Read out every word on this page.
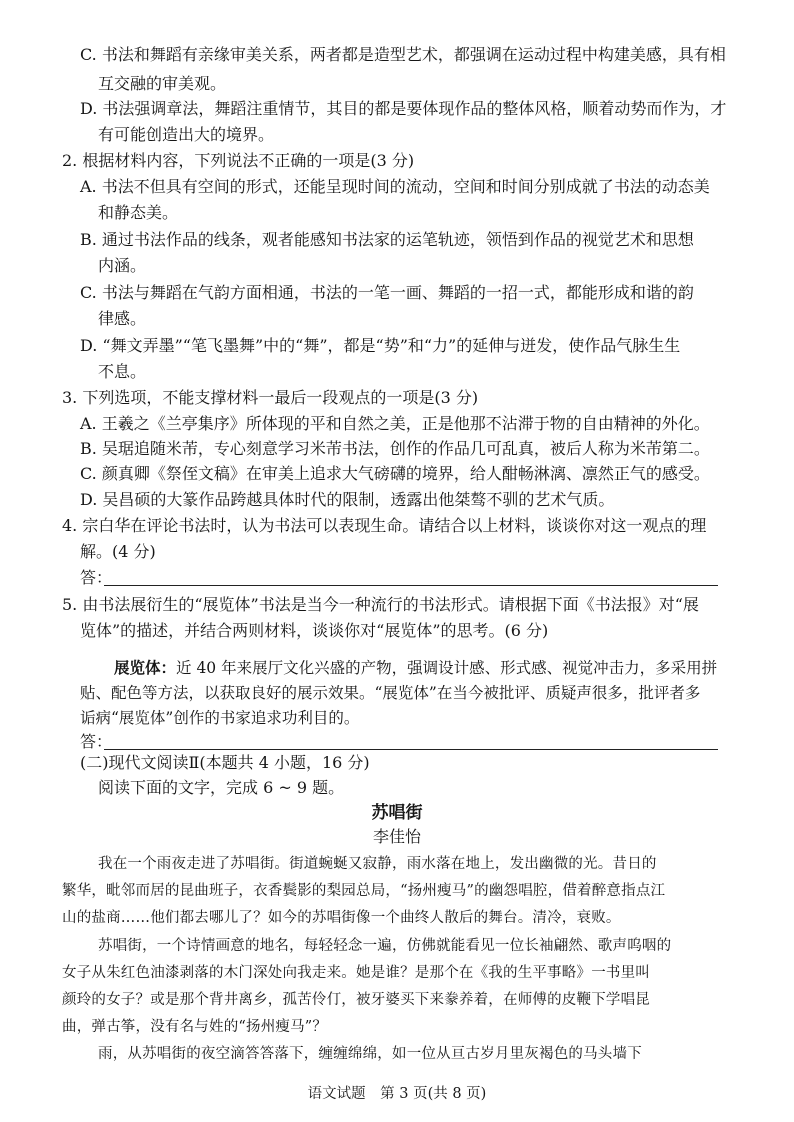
C. 书法和舞蹈有亲缘审美关系，两者都是造型艺术，都强调在运动过程中构建美感，具有相
互交融的审美观。
D. 书法强调章法，舞蹈注重情节，其目的都是要体现作品的整体风格，顺着动势而作为，才
有可能创造出大的境界。
2. 根据材料内容，下列说法不正确的一项是(3 分)
A. 书法不但具有空间的形式，还能呈现时间的流动，空间和时间分别成就了书法的动态美
和静态美。
B. 通过书法作品的线条，观者能感知书法家的运笔轨迹，领悟到作品的视觉艺术和思想
内涵。
C. 书法与舞蹈在气韵方面相通，书法的一笔一画、舞蹈的一招一式，都能形成和谐的韵
律感。
D. “舞文弄墨”“笔飞墨舞”中的“舞”，都是“势”和“力”的延伸与迸发，使作品气脉生生
不息。
3. 下列选项，不能支撑材料一最后一段观点的一项是(3 分)
A. 王羲之《兰亭集序》所体现的平和自然之美，正是他那不沾滞于物的自由精神的外化。
B. 吴琚追随米芾，专心刻意学习米芾书法，创作的作品几可乱真，被后人称为米芾第二。
C. 颜真卿《祭侄文稿》在审美上追求大气磅礴的境界，给人酣畅淋漓、凛然正气的感受。
D. 吴昌硕的大篆作品跨越具体时代的限制，透露出他桀骜不驯的艺术气质。
4. 宗白华在评论书法时，认为书法可以表现生命。请结合以上材料，谈谈你对这一观点的理
解。(4 分)
答：
5. 由书法展衍生的“展览体”书法是当今一种流行的书法形式。请根据下面《书法报》对“展
览体”的描述，并结合两则材料，谈谈你对“展览体”的思考。(6 分)
展览体：近 40 年来展厅文化兴盛的产物，强调设计感、形式感、视觉冲击力，多采用拼
贴、配色等方法，以获取良好的展示效果。“展览体”在当今被批评、质疑声很多，批评者多
诟病“展览体”创作的书家追求功利目的。
答：
(二)现代文阅读Ⅱ(本题共 4 小题，16 分)
阅读下面的文字，完成 6 ~ 9 题。
苏唱街
李佳怡
我在一个雨夜走进了苏唱街。街道蜿蜒又寂静，雨水落在地上，发出幽微的光。昔日的
繁华，毗邻而居的昆曲班子，衣香鬓影的梨园总局，“扬州瘦马”的幽怨唱腔，借着醉意指点江
山的盐商……他们都去哪儿了？如今的苏唱街像一个曲终人散后的舞台。清冷，衰败。
苏唱街，一个诗情画意的地名，每轻轻念一遍，仿佛就能看见一位长袖翩然、歌声呜咽的
女子从朱红色油漆剥落的木门深处向我走来。她是谁？是那个在《我的生平事略》一书里叫
颜玲的女子？或是那个背井离乡，孤苦伶仃，被牙婆买下来豢养着，在师傅的皮鞭下学唱昆
曲，弹古筝，没有名与姓的“扬州瘦马”？
雨，从苏唱街的夜空滴答答落下，缠缠绵绵，如一位从亘古岁月里灰褐色的马头墙下
语文试题　第 3 页(共 8 页)
